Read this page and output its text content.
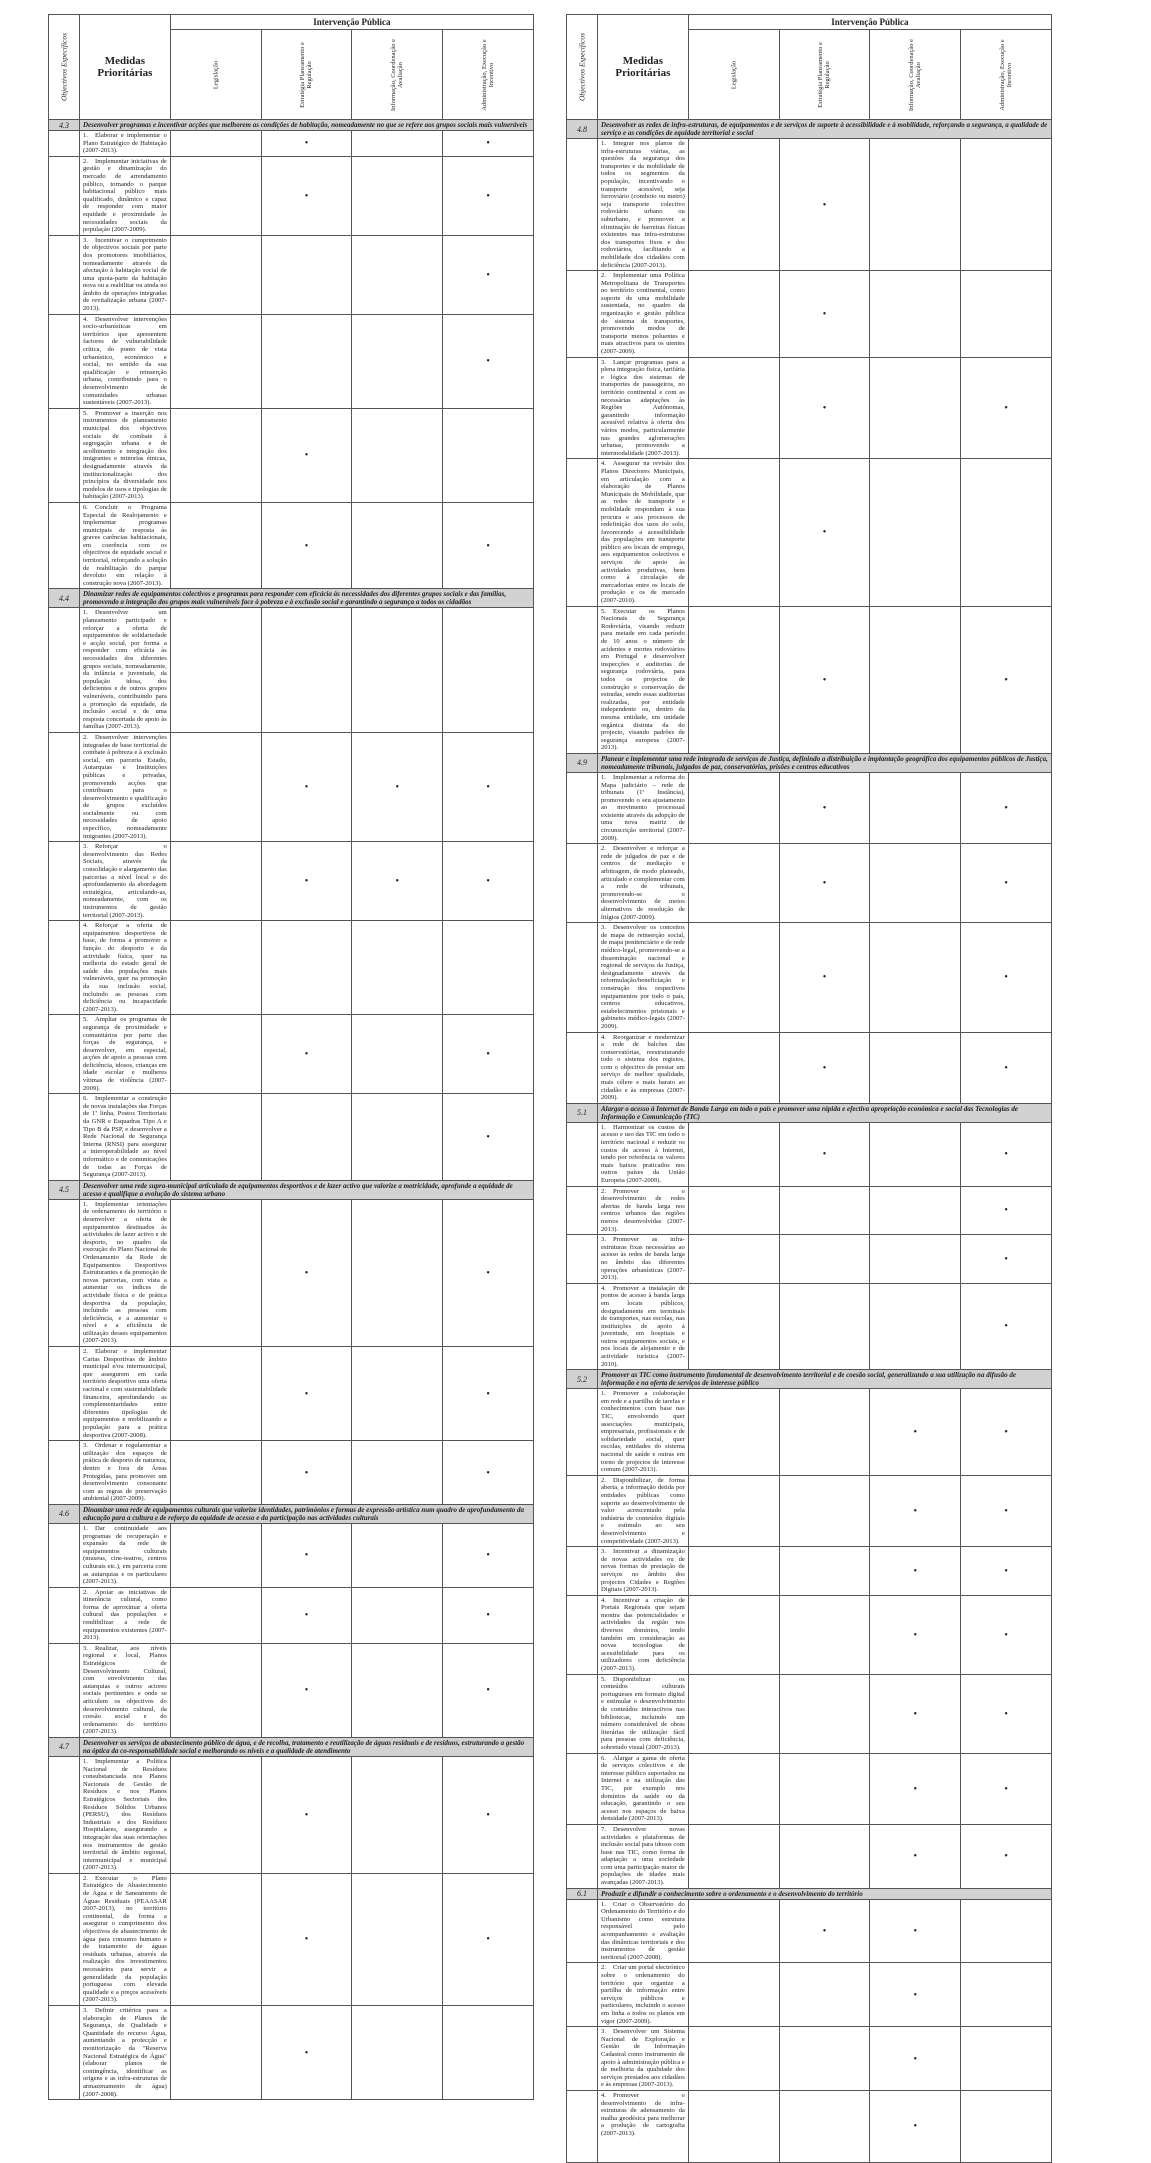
Objectivos Específicos	Medidas Prioritárias	Intervenção Pública			

		Legislação	Estratégia Planeamento e Regulação	Informação, Coordenação e Avaliação	Administração, Execução e Incentivo

4.3	Desenvolver programas e incentivar acções que melhorem as condições de habitação, nomeadamente no que se refere aos grupos sociais mais vulneráveis				
	1. Elaborar e implementar o Plano Estratégico de Habitação (2007-2013).		•		•
	2. Implementar iniciativas de gestão e dinamização do mercado de arrendamento público, tornando o parque habitacional público mais qualificado, dinâmico e capaz de responder com maior equidade e proximidade às necessidades sociais da população (2007-2009).		•		•
	3. Incentivar o cumprimento de objectivos sociais por parte dos promotores imobiliários, nomeadamente através da afectação à habitação social de uma quota-parte da habitação nova ou a reabilitar ou ainda no âmbito de operações integradas de revitalização urbana (2007-2013).				•
	4. Desenvolver intervenções socio-urbanísticas em territórios que apresentem factores de vulnerabilidade crítica, do ponto de vista urbanístico, económico e social, no sentido da sua qualificação e reinserção urbana, contribuindo para o desenvolvimento de comunidades urbanas sustentáveis (2007-2013).				•
	5. Promover a inserção nos instrumentos de planeamento municipal dos objectivos sociais de combate à segregação urbana e de acolhimento e integração dos imigrantes e minorias étnicas, designadamente através da institucionalização dos princípios da diversidade nos modelos de usos e tipologias de habitação (2007-2013).		•		
	6. Concluir o Programa Especial de Realojamento e implementar programas municipais de resposta às graves carências habitacionais, em coerência com os objectivos de equidade social e territorial, reforçando a solução de reabilitação do parque devoluto em relação à construção nova (2007-2013).		•		•
4.4	Dinamizar redes de equipamentos colectivos e programas para responder com eficácia às necessidades dos diferentes grupos sociais e das famílias, promovendo a integração dos grupos mais vulneráveis face à pobreza e à exclusão social e garantindo a segurança a todos os cidadãos				
	1. Desenvolver um planeamento participado e reforçar a oferta de equipamentos de solidariedade e acção social, por forma a responder com eficácia às necessidades dos diferentes grupos sociais, nomeadamente, da infância e juventude, da população idosa, dos deficientes e de outros grupos vulneráveis, contribuindo para a promoção da equidade, da inclusão social e de uma resposta concertada de apoio às famílias (2007-2013).				
	2. Desenvolver intervenções integradas de base territorial de combate à pobreza e à exclusão social, em parceria Estado, Autarquias e Instituições públicas e privadas, promovendo acções que contribuam para o desenvolvimento e qualificação de grupos excluídos socialmente ou com necessidades de apoio específico, nomeadamente imigrantes (2007-2013).		•	•	•
	3. Reforçar o desenvolvimento das Redes Sociais, através da consolidação e alargamento das parcerias a nível local e do aprofundamento da abordagem estratégica, articulando-as, nomeadamente, com os instrumentos de gestão territorial (2007-2013).		•	•	•
	4. Reforçar a oferta de equipamentos desportivos de base, de forma a promover a função do desporto e da actividade física, quer na melhoria do estado geral de saúde das populações mais vulneráveis, quer na promoção da sua inclusão social, incluindo as pessoas com deficiência ou incapacidade (2007-2013).				
	5. Ampliar os programas de segurança de proximidade e comunitários por parte das forças de segurança, e desenvolver, em especial, acções de apoio a pessoas com deficiência, idosos, crianças em idade escolar e mulheres vítimas de violência (2007-2009).		•		•
	6. Implementar a construção de novas instalações das Forças de 1ª linha, Postos Territoriais da GNR e Esquadras Tipo A e Tipo B da PSP, e desenvolver a Rede Nacional de Segurança Interna (RNSI) para assegurar a interoperabilidade ao nível informático e de comunicações de todas as Forças de Segurança (2007-2013).				•
4.5	Desenvolver uma rede supra-municipal articulada de equipamentos desportivos e de lazer activo que valorize a motricidade, aprofunde a equidade de acesso e qualifique a evolução do sistema urbano				
	1. Implementar orientações de ordenamento do território e desenvolver a oferta de equipamentos destinados às actividades de lazer activo e de desporto, no quadro da execução do Plano Nacional de Ordenamento da Rede de Equipamentos Desportivos Estruturantes e da promoção de novas parcerias, com vista a aumentar os índices de actividade física e de prática desportiva da população, incluindo as pessoas com deficiência, e a aumentar o nível e a eficiência de utilização desses equipamentos (2007-2013).		•		•
	2. Elaborar e implementar Cartas Desportivas de âmbito municipal e/ou intermunicipal, que assegurem em cada território desportivo uma oferta racional e com sustentabilidade financeira, aprofundando as complementaridades entre diferentes tipologias de equipamentos e mobilizando a população para a prática desportiva (2007-2008).		•		•
	3. Ordenar e regulamentar a utilização dos espaços de prática de desporto de natureza, dentro e fora de Áreas Protegidas, para promover um desenvolvimento consonante com as regras de preservação ambiental (2007-2009).		•		•
4.6	Dinamizar uma rede de equipamentos culturais que valorize identidades, patrimónios e formas de expressão artística num quadro de aprofundamento da educação para a cultura e de reforço da equidade de acesso e da participação nas actividades culturais				
	1. Dar continuidade aos programas de recuperação e expansão da rede de equipamentos culturais (museus, cine-teatros, centros culturais etc.), em parceria com as autarquias e os particulares (2007-2013).		•		•
	2. Apoiar as iniciativas de itinerância cultural, como forma de aproximar a oferta cultural das populações e rendibilizar a rede de equipamentos existentes (2007-2013).		•		•
	3. Realizar, aos níveis regional e local, Planos Estratégicos de Desenvolvimento Cultural, com envolvimento das autarquias e outros actores sociais pertinentes e onde se articulem os objectivos do desenvolvimento cultural, da coesão social e do ordenamento do território (2007-2013).		•		•
4.7	Desenvolver os serviços de abastecimento público de água, e de recolha, tratamento e reutilização de águas residuais e de resíduos, estruturando a gestão na óptica da co-responsabilidade social e melhorando os níveis e a qualidade de atendimento				
	1. Implementar a Política Nacional de Resíduos consubstanciada nos Planos Nacionais de Gestão de Resíduos e nos Planos Estratégicos Sectoriais dos Resíduos Sólidos Urbanos (PERSU), dos Resíduos Industriais e dos Resíduos Hospitalares, assegurando a integração das suas orientações nos instrumentos de gestão territorial de âmbito regional, intermunicipal e municipal (2007-2013).		•		•
	2. Executar o Plano Estratégico de Abastecimento de Água e de Saneamento de Águas Residuais (PEAASAR 2007-2013), no território continental, de forma a assegurar o cumprimento dos objectivos de abastecimento de água para consumo humano e de tratamento de águas residuais urbanas, através da realização dos investimentos necessários para servir a generalidade da população portuguesa com elevada qualidade e a preços acessíveis (2007-2013).		•		•
	3. Definir critérios para a elaboração de Planos de Segurança, de Qualidade e Quantidade do recurso Água, aumentando a protecção e monitorização da "Reserva Nacional Estratégica de Água" (elaborar planos de contingência, identificar as origens e as infra-estruturas de armazenamento de água) (2007-2008).		•		
Objectivos Específicos	Medidas Prioritárias	Intervenção Pública			

		Legislação	Estratégia Planeamento e Regulação	Informação, Coordenação e Avaliação	Administração, Execução e Incentivo

4.8	Desenvolver as redes de infra-estruturas, de equipamentos e de serviços de suporte à acessibilidade e à mobilidade, reforçando a segurança, a qualidade de serviço e as condições de equidade territorial e social				
	1. Integrar nos planos de infra-estruturas viárias, as questões da segurança dos transportes e da mobilidade de todos os segmentos da população, incentivando o transporte acessível, seja ferroviário (comboio ou metro) seja transporte colectivo rodoviário urbano ou suburbano, e promover a eliminação de barreiras físicas existentes nas infra-estruturas dos transportes fixos e dos rodoviários, facilitando a mobilidade dos cidadãos com deficiência (2007-2013).		•		
	2. Implementar uma Política Metropolitana de Transportes no território continental, como suporte de uma mobilidade sustentada, no quadro da organização e gestão pública do sistema de transportes, promovendo modos de transporte menos poluentes e mais atractivos para os utentes (2007-2009).		•		
	3. Lançar programas para a plena integração física, tarifária e lógica dos sistemas de transportes de passageiros, no território continental e com as necessárias adaptações às Regiões Autónomas, garantindo informação acessível relativa à oferta dos vários modos, particularmente nas grandes aglomerações urbanas, promovendo a intermodalidade (2007-2013).		•		•
	4. Assegurar na revisão dos Planos Directores Municipais, em articulação com a elaboração de Planos Municipais de Mobilidade, que as redes de transporte e mobilidade respondam à sua procura e aos processos de redefinição dos usos do solo, favorecendo a acessibilidade das populações em transporte público aos locais de emprego, aos equipamentos colectivos e serviços de apoio às actividades produtivas, bem como à circulação de mercadorias entre os locais de produção e os de mercado (2007-2010).		•		
	5. Executar os Planos Nacionais de Segurança Rodoviária, visando reduzir para metade em cada período de 10 anos o número de acidentes e mortes rodoviários em Portugal e desenvolver inspecções e auditorias de segurança rodoviária, para todos os projectos de construção e conservação de estradas, sendo essas auditorias realizadas, por entidade independente ou, dentro da mesma entidade, em unidade orgânica distinta da do projecto, visando padrões de segurança europeus (2007-2013).		•		•
4.9	Planear e implementar uma rede integrada de serviços de Justiça, definindo a distribuição e implantação geográfica dos equipamentos públicos de Justiça, nomeadamente tribunais, julgados de paz, conservatórias, prisões e centros educativos				
	1. Implementar a reforma do Mapa judiciário – rede de tribunais (1ª Instância), promovendo o seu ajustamento ao movimento processual existente através da adopção de uma nova matriz de circunscrição territorial (2007-2009).		•		•
	2. Desenvolver e reforçar a rede de julgados de paz e de centros de mediação e arbitragem, de modo planeado, articulado e complementar com a rede de tribunais, promovendo-se o desenvolvimento de meios alternativos de resolução de litígios (2007-2009).		•		•
	3. Desenvolver os conceitos de mapa de reinserção social, de mapa penitenciário e de rede médico-legal, promovendo-se a disseminação nacional e regional de serviços da Justiça, designadamente através da reformulação/beneficiação e construção dos respectivos equipamentos por todo o país, centros educativos, estabelecimentos prisionais e gabinetes médico-legais (2007-2009).		•		•
	4. Reorganizar e modernizar a rede de balcões das conservatórias, reestruturando todo o sistema dos registos, com o objectivo de prestar um serviço de melhor qualidade, mais célere e mais barato ao cidadão e às empresas (2007-2009).		•		•
5.1	Alargar o acesso à Internet de Banda Larga em todo o país e promover uma rápida e efectiva apropriação económica e social das Tecnologias de Informação e Comunicação (TIC)				
	1. Harmonizar os custos de acesso e uso das TIC em todo o território nacional e reduzir os custos de acesso à Internet, tendo por referência os valores mais baixos praticados nos outros países da União Europeia (2007-2009).		•		•
	2. Promover o desenvolvimento de redes abertas de banda larga nos centros urbanos das regiões menos desenvolvidas (2007-2013).				•
	3. Promover as infra-estruturas fixas necessárias ao acesso às redes de banda larga no âmbito das diferentes operações urbanísticas (2007-2013).				•
	4. Promover a instalação de pontos de acesso à banda larga em locais públicos, designadamente em terminais de transportes, nas escolas, nas instituições de apoio à juventude, em hospitais e outros equipamentos sociais, e nos locais de alojamento e de actividade turística (2007-2010).				•
5.2	Promover as TIC como instrumento fundamental de desenvolvimento territorial e de coesão social, generalizando a sua utilização na difusão de informação e na oferta de serviços de interesse público				
	1. Promover a colaboração em rede e a partilha de tarefas e conhecimentos com base nas TIC, envolvendo quer associações municipais, empresariais, profissionais e de solidariedade social, quer escolas, entidades do sistema nacional de saúde e outras em torno de projectos de interesse comum (2007-2013).			•	•
	2. Disponibilizar, de forma aberta, a informação detida por entidades públicas como suporte ao desenvolvimento de valor acrescentado pela indústria de conteúdos digitais e estímulo ao seu desenvolvimento e competitividade (2007-2013).			•	•
	3. Incentivar a dinamização de novas actividades ou de novas formas de prestação de serviços no âmbito dos projectos Cidades e Regiões Digitais (2007-2013).			•	•
	4. Incentivar a criação de Portais Regionais que sejam montra das potencialidades e actividades da região nos diversos domínios, tendo também em consideração as novas tecnologias de acessibilidade para os utilizadores com deficiência (2007-2013).			•	•
	5. Disponibilizar os conteúdos culturais portugueses em formato digital e estimular o desenvolvimento de conteúdos interactivos nas bibliotecas, incluindo um número considerável de obras literárias de utilização fácil para pessoas com deficiência, sobretudo visual (2007-2013).			•	•
	6. Alargar a gama de oferta de serviços colectivos e de interesse público suportados na Internet e na utilização das TIC, por exemplo nos domínios da saúde ou da educação, garantindo o seu acesso nos espaços de baixa densidade (2007-2013).			•	•
	7. Desenvolver novas actividades e plataformas de inclusão social para idosos com base nas TIC, como forma de adaptação a uma sociedade com uma participação maior de populações de idades mais avançadas (2007-2013).			•	•
6.1	Produzir e difundir o conhecimento sobre o ordenamento e o desenvolvimento do território				
	1. Criar o Observatório do Ordenamento do Território e do Urbanismo como estrutura responsável pelo acompanhamento e avaliação das dinâmicas territoriais e dos instrumentos de gestão territorial (2007-2008).		•	•	
	2. Criar um portal electrónico sobre o ordenamento do território que organize a partilha de informação entre serviços públicos e particulares, incluindo o acesso em linha a todos os planos em vigor (2007-2009).			•	
	3. Desenvolver um Sistema Nacional de Exploração e Gestão de Informação Cadastral como instrumento de apoio à administração pública e de melhoria da qualidade dos serviços prestados aos cidadãos e às empresas (2007-2013).			•	
	4. Promover o desenvolvimento de infra-estruturas de adensamento da malha geodésica para melhorar a produção de cartografia (2007-2013).			•	
